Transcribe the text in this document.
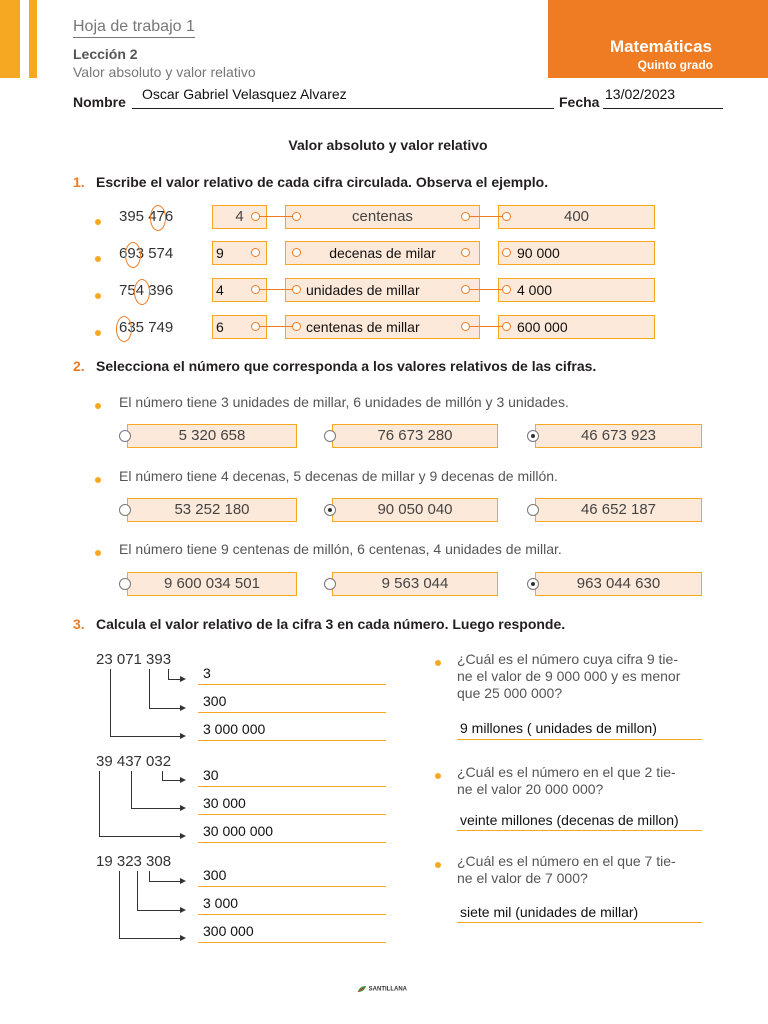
Hoja de trabajo 1
Lección 2
Valor absoluto y valor relativo
Matemáticas
Quinto grado
Nombre Oscar Gabriel Velasquez Alvarez	Fecha 13/02/2023
Valor absoluto y valor relativo
1. Escribe el valor relativo de cada cifra circulada. Observa el ejemplo.
395 476	4	centenas	400
693 574	9	decenas de milar	90 000
754 396	4	unidades de millar	4 000
635 749	6	centenas de millar	600 000
2. Selecciona el número que corresponda a los valores relativos de las cifras.
El número tiene 3 unidades de millar, 6 unidades de millón y 3 unidades.
5 320 658	76 673 280	46 673 923
El número tiene 4 decenas, 5 decenas de millar y 9 decenas de millón.
53 252 180	90 050 040	46 652 187
El número tiene 9 centenas de millón, 6 centenas, 4 unidades de millar.
9 600 034 501	9 563 044	963 044 630
3. Calcula el valor relativo de la cifra 3 en cada número. Luego responde.
23 071 393
3
300
3 000 000
39 437 032
30
30 000
30 000 000
19 323 308
300
3 000
300 000
¿Cuál es el número cuya cifra 9 tie-
ne el valor de 9 000 000 y es menor
que 25 000 000?
9 millones ( unidades de millon)
¿Cuál es el número en el que 2 tie-
ne el valor 20 000 000?
veinte millones (decenas de millon)
¿Cuál es el número en el que 7 tie-
ne el valor de 7 000?
siete mil (unidades de millar)
SANTILLANA
